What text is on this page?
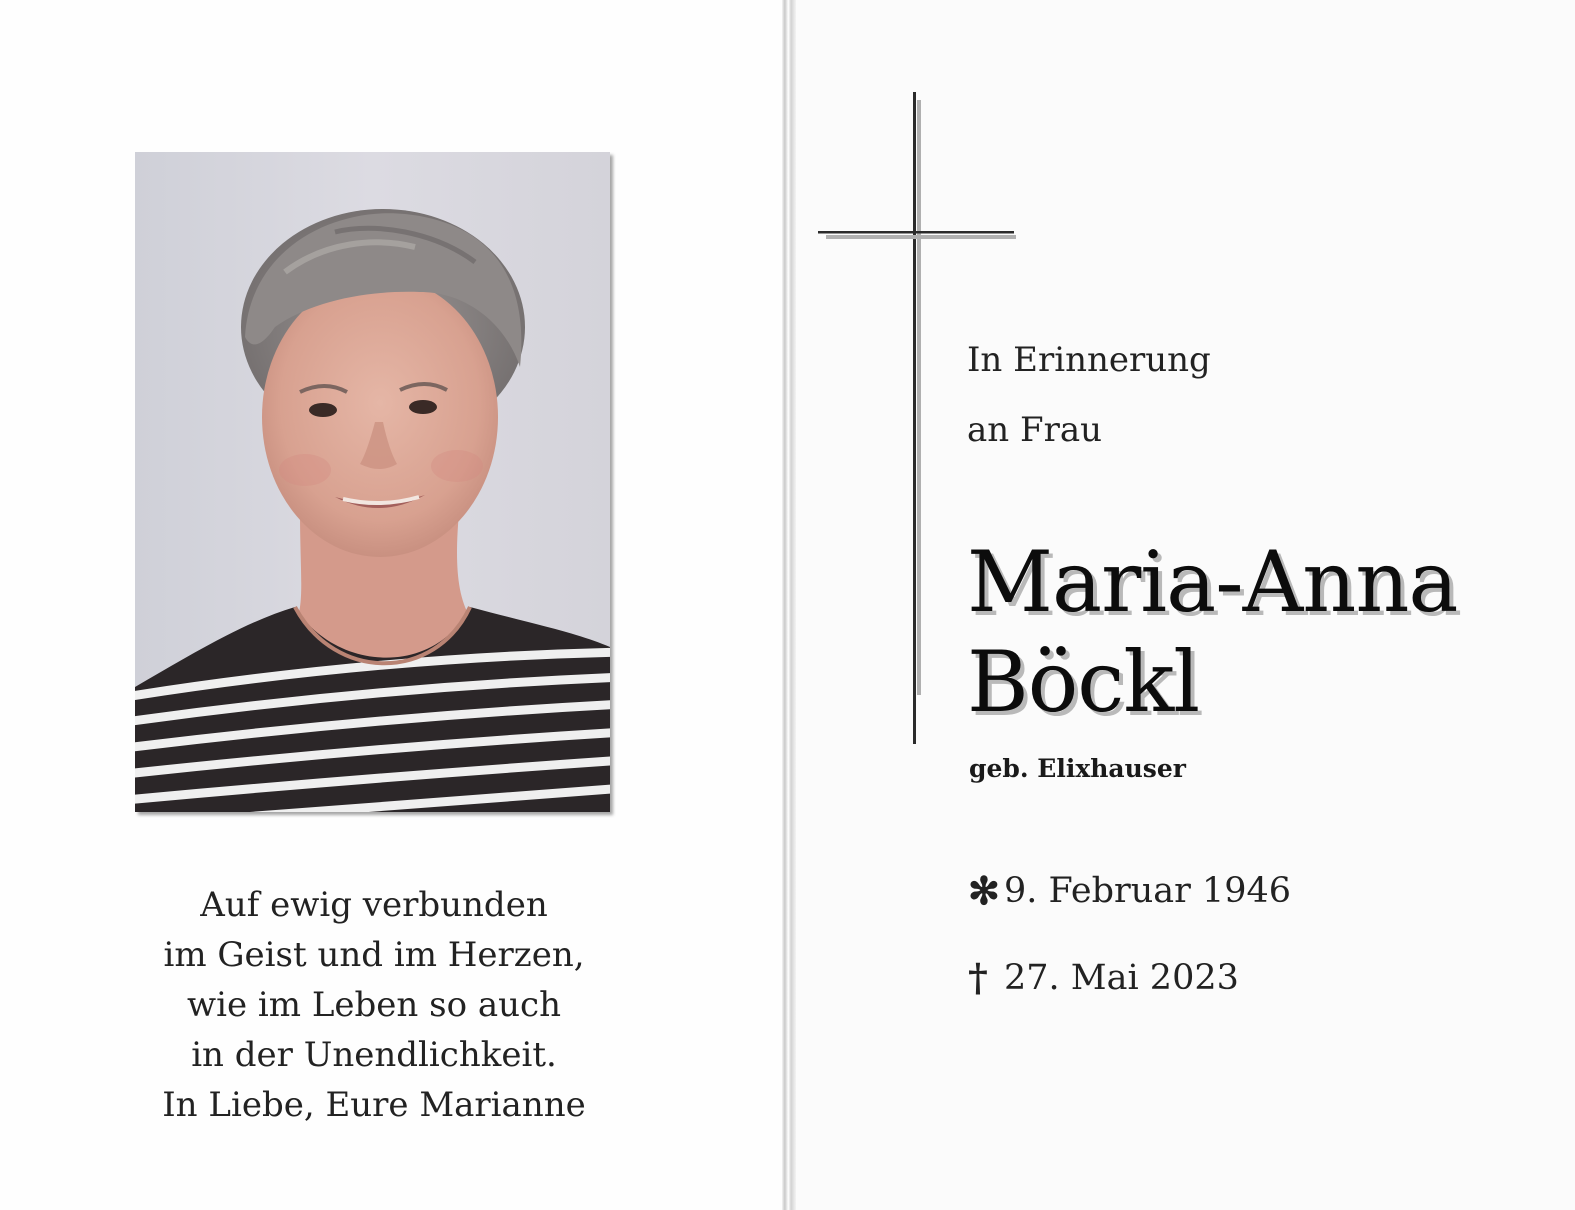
Auf ewig verbunden
im Geist und im Herzen,
wie im Leben so auch
in der Unendlichkeit.
In Liebe, Eure Marianne
In Erinnerung
an Frau
Maria-Anna
Böckl
geb. Elixhauser
✻ 9. Februar 1946
† 27. Mai 2023
